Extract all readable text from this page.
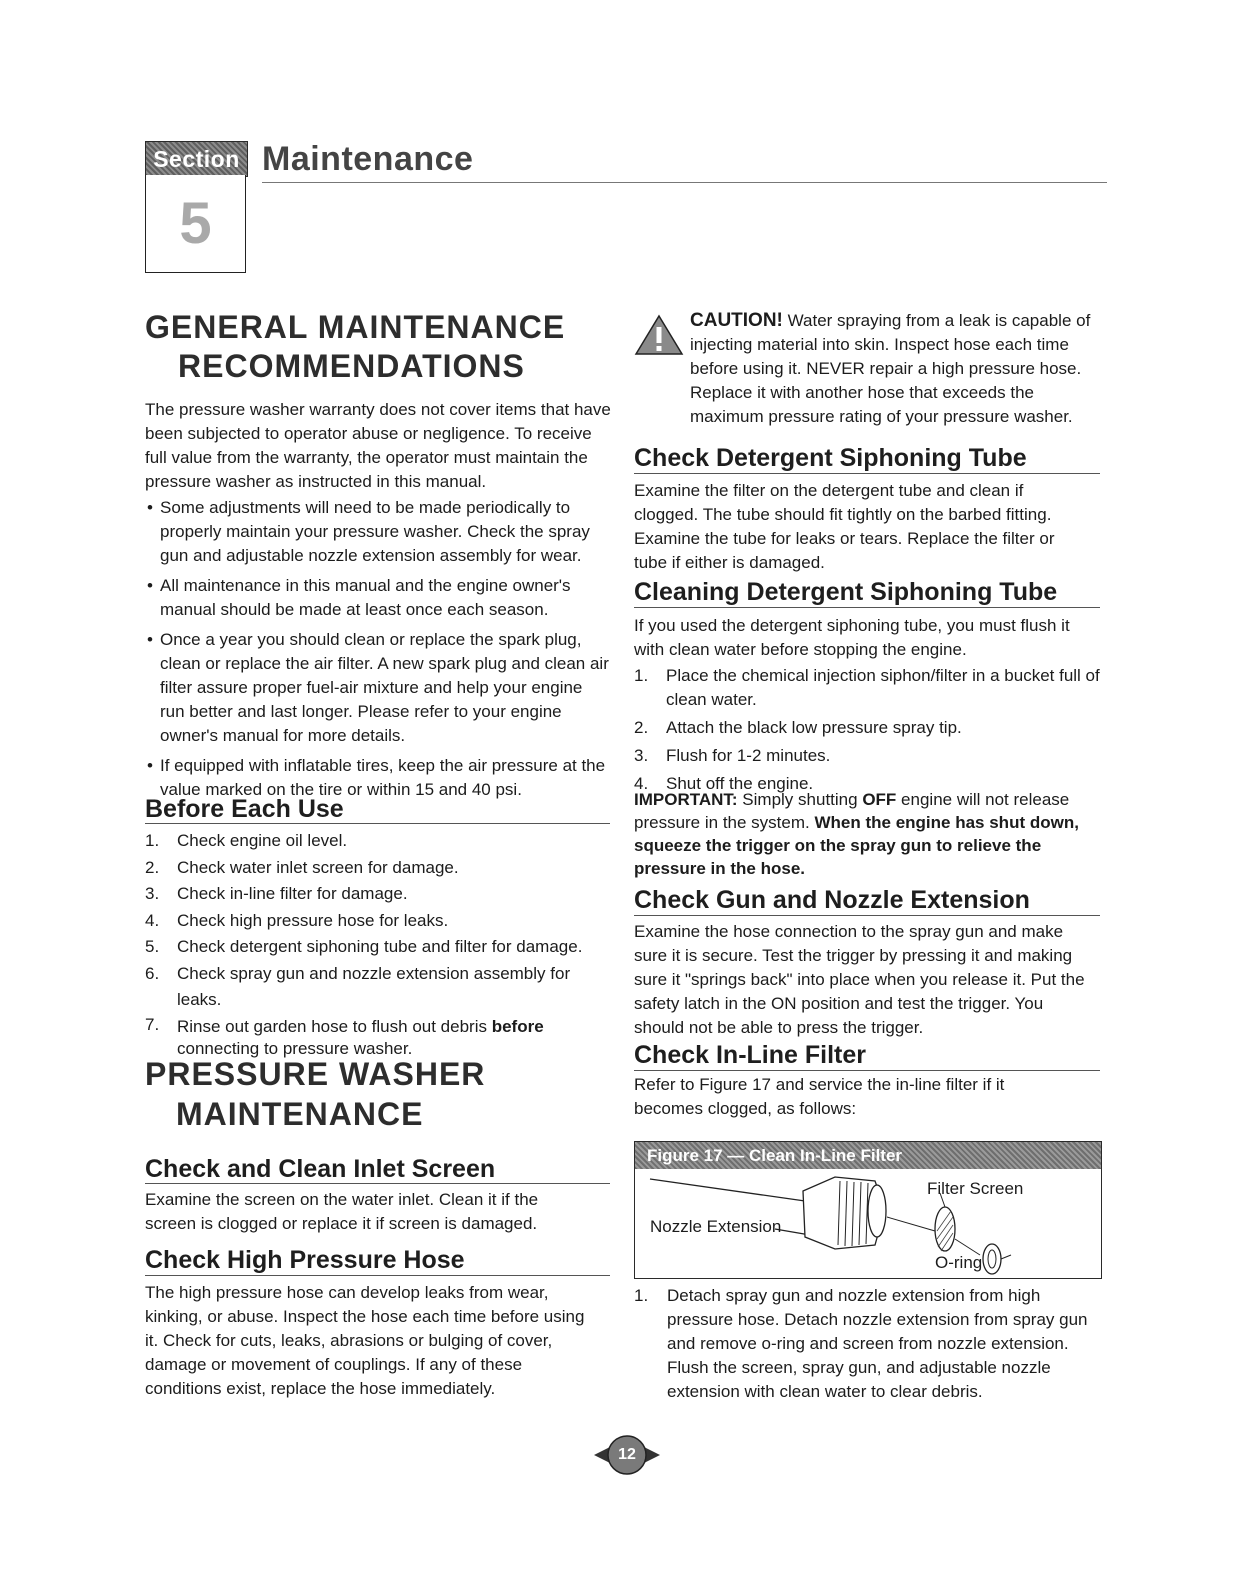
Section
5
Maintenance
GENERAL MAINTENANCE
RECOMMENDATIONS
The pressure washer warranty does not cover items that have been subjected to operator abuse or negligence. To receive full value from the warranty, the operator must maintain the pressure washer as instructed in this manual.
• Some adjustments will need to be made periodically to properly maintain your pressure washer. Check the spray gun and adjustable nozzle extension assembly for wear.
• All maintenance in this manual and the engine owner's manual should be made at least once each season.
• Once a year you should clean or replace the spark plug, clean or replace the air filter. A new spark plug and clean air filter assure proper fuel-air mixture and help your engine run better and last longer. Please refer to your engine owner's manual for more details.
• If equipped with inflatable tires, keep the air pressure at the value marked on the tire or within 15 and 40 psi.
Before Each Use
1. Check engine oil level.
2. Check water inlet screen for damage.
3. Check in-line filter for damage.
4. Check high pressure hose for leaks.
5. Check detergent siphoning tube and filter for damage.
6. Check spray gun and nozzle extension assembly for leaks.
7. Rinse out garden hose to flush out debris before
connecting to pressure washer.
PRESSURE WASHER
MAINTENANCE
Check and Clean Inlet Screen
Examine the screen on the water inlet. Clean it if the screen is clogged or replace it if screen is damaged.
Check High Pressure Hose
The high pressure hose can develop leaks from wear, kinking, or abuse. Inspect the hose each time before using it. Check for cuts, leaks, abrasions or bulging of cover, damage or movement of couplings. If any of these conditions exist, replace the hose immediately.
CAUTION! Water spraying from a leak is capable of injecting material into skin. Inspect hose each time before using it. NEVER repair a high pressure hose. Replace it with another hose that exceeds the maximum pressure rating of your pressure washer.
Check Detergent Siphoning Tube
Examine the filter on the detergent tube and clean if clogged. The tube should fit tightly on the barbed fitting. Examine the tube for leaks or tears. Replace the filter or tube if either is damaged.
Cleaning Detergent Siphoning Tube
If you used the detergent siphoning tube, you must flush it with clean water before stopping the engine.
1. Place the chemical injection siphon/filter in a bucket full of clean water.
2. Attach the black low pressure spray tip.
3. Flush for 1-2 minutes.
4. Shut off the engine.
IMPORTANT: Simply shutting OFF engine will not release pressure in the system. When the engine has shut down, squeeze the trigger on the spray gun to relieve the pressure in the hose.
Check Gun and Nozzle Extension
Examine the hose connection to the spray gun and make sure it is secure. Test the trigger by pressing it and making sure it "springs back" into place when you release it. Put the safety latch in the ON position and test the trigger. You should not be able to press the trigger.
Check In-Line Filter
Refer to Figure 17 and service the in-line filter if it becomes clogged, as follows:
Figure 17 — Clean In-Line Filter
Filter Screen
Nozzle Extension
O-ring
1. Detach spray gun and nozzle extension from high pressure hose. Detach nozzle extension from spray gun and remove o-ring and screen from nozzle extension. Flush the screen, spray gun, and adjustable nozzle extension with clean water to clear debris.
12
